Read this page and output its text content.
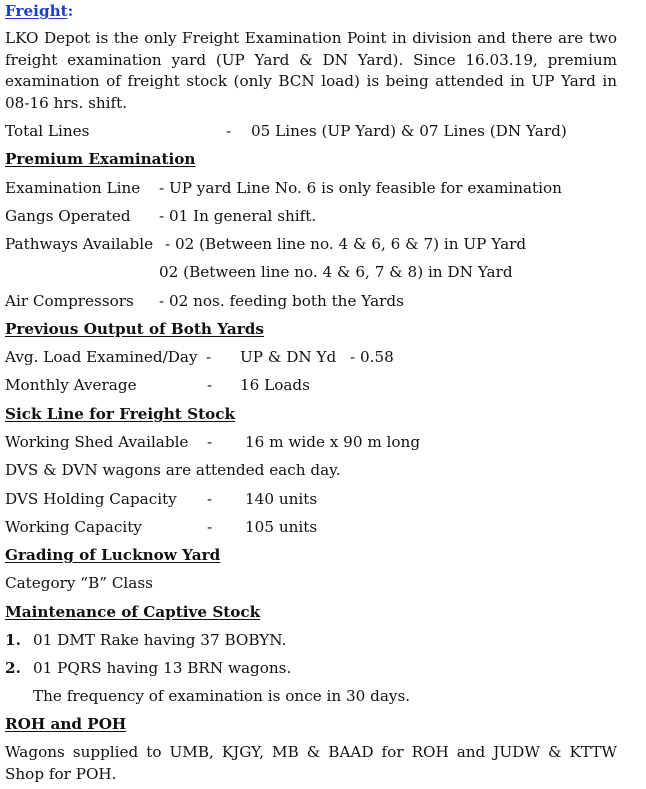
Freight:
LKO Depot is the only Freight Examination Point in division and there are two freight examination yard (UP Yard & DN Yard). Since 16.03.19, premium examination of freight stock (only BCN load) is being attended in UP Yard in 08-16 hrs. shift.
Total Lines	- 05 Lines (UP Yard) & 07 Lines (DN Yard)
Premium Examination
Examination Line - UP yard Line No. 6 is only feasible for examination
Gangs Operated - 01 In general shift.
Pathways Available - 02 (Between line no. 4 & 6, 6 & 7) in UP Yard
02 (Between line no. 4 & 6, 7 & 8) in DN Yard
Air Compressors - 02 nos. feeding both the Yards
Previous Output of Both Yards
Avg. Load Examined/Day - UP & DN Yd - 0.58
Monthly Average	- 16 Loads
Sick Line for Freight Stock
Working Shed Available - 16 m wide x 90 m long
DVS & DVN wagons are attended each day.
DVS Holding Capacity - 140 units
Working Capacity	- 105 units
Grading of Lucknow Yard
Category “B” Class
Maintenance of Captive Stock
1. 01 DMT Rake having 37 BOBYN.
2. 01 PQRS having 13 BRN wagons.
The frequency of examination is once in 30 days.
ROH and POH
Wagons supplied to UMB, KJGY, MB & BAAD for ROH and JUDW & KTTW Shop for POH.
